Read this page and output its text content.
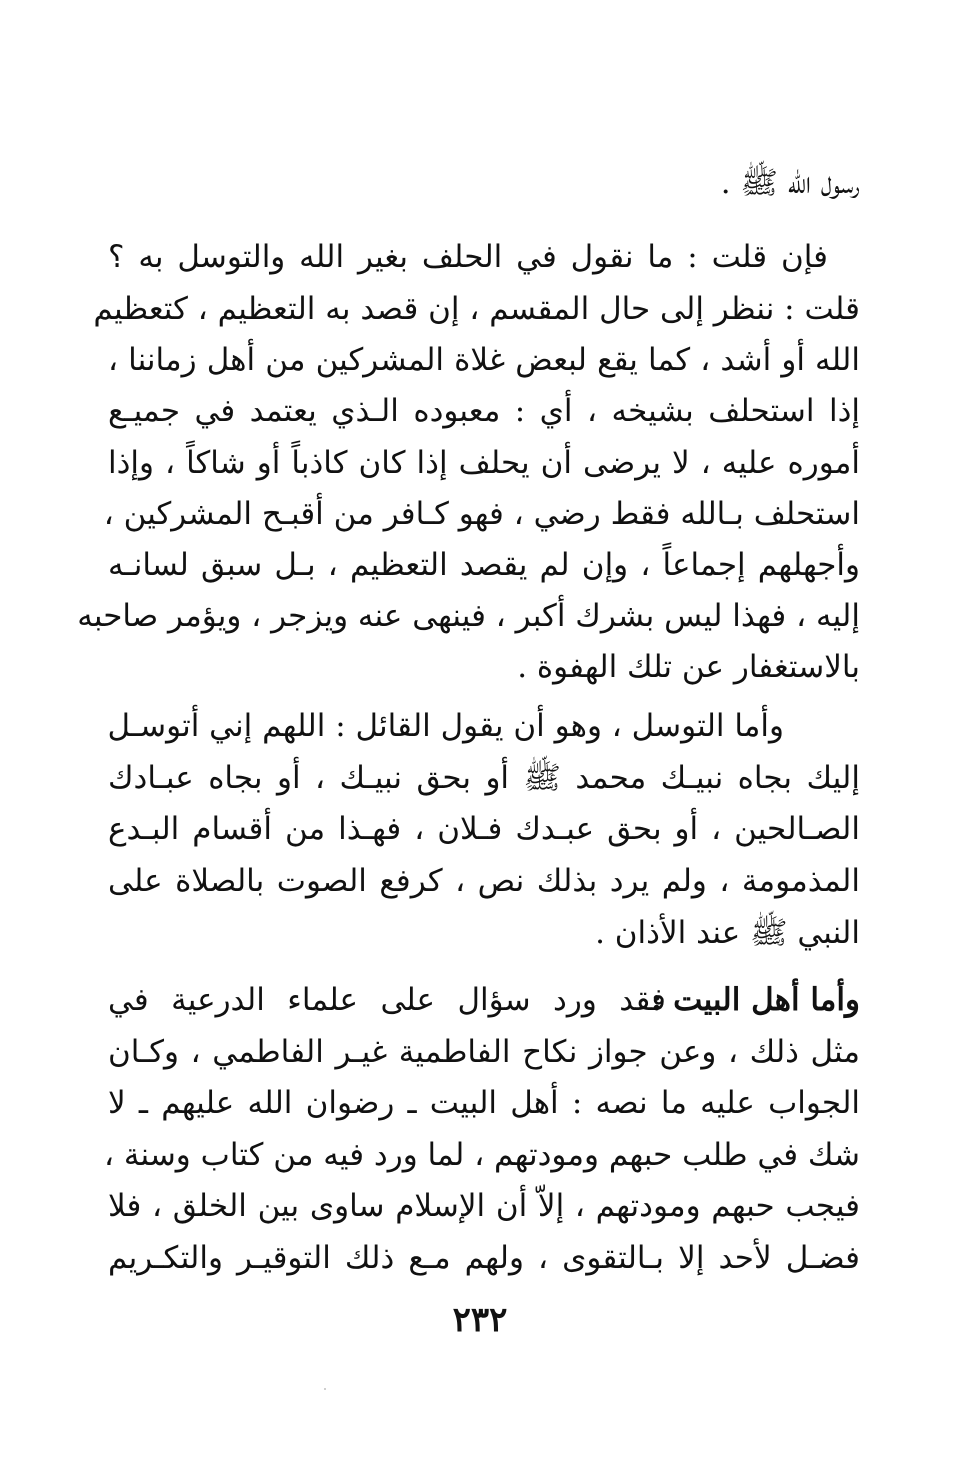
رسول الله ﷺ .
فإن قلت : ما نقول في الحلف بغير الله والتوسل به ؟
قلت : ننظر إلى حال المقسم ، إن قصد به التعظيم ، كتعظيم
الله أو أشد ، كما يقع لبعض غلاة المشركين من أهل زماننا ،
إذا استحلف بشيخه ، أي : معبوده الـذي يعتمد في جميـع
أموره عليه ، لا يرضى أن يحلف إذا كان كاذباً أو شاكاً ، وإذا
استحلف بـالله فقط رضي ، فهو كـافر من أقبـح المشركين ،
وأجهلهم إجماعاً ، وإن لم يقصد التعظيم ، بـل سبق لسانـه
إليه ، فهذا ليس بشرك أكبر ، فينهى عنه ويزجر ، ويؤمر صاحبه
بالاستغفار عن تلك الهفوة .
وأما التوسل ، وهو أن يقول القائل : اللهم إني أتوسـل
إليك بجاه نبيـك محمد ﷺ أو بحق نبيـك ، أو بجاه عبـادك
الصـالحين ، أو بحق عبـدك فـلان ، فهـذا من أقسام البـدع
المذمومة ، ولم يرد بذلك نص ، كرفع الصوت بالصلاة على
النبي ﷺ عند الأذان .
وأما أهل البيت :
فقد ورد سؤال على علماء الدرعية في
مثل ذلك ، وعن جواز نكاح الفاطمية غيـر الفاطمي ، وكـان
الجواب عليه ما نصه : أهل البيت ـ رضوان الله عليهم ـ لا
شك في طلب حبهم ومودتهم ، لما ورد فيه من كتاب وسنة ،
فيجب حبهم ومودتهم ، إلاّ أن الإسلام ساوى بين الخلق ، فلا
فضـل لأحد إلا بـالتقوى ، ولهم مـع ذلك التوقيـر والتكـريم
٢٣٢
